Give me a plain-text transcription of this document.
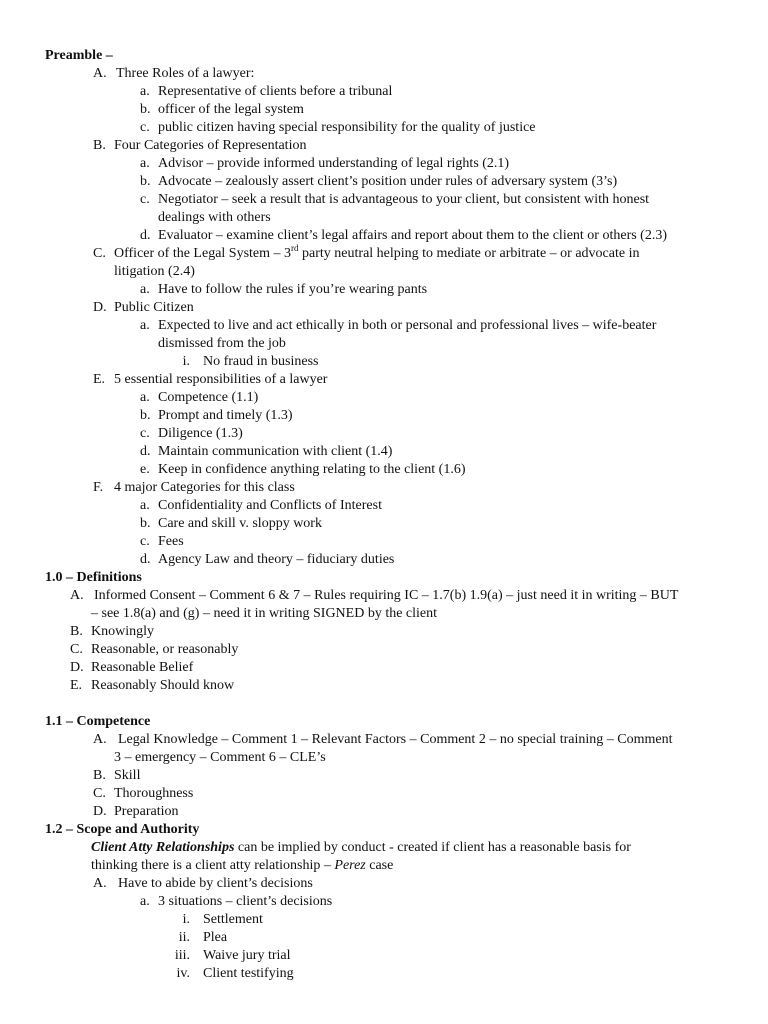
Preamble –
A. Three Roles of a lawyer:
a. Representative of clients before a tribunal
b. officer of the legal system
c. public citizen having special responsibility for the quality of justice
B. Four Categories of Representation
a. Advisor – provide informed understanding of legal rights (2.1)
b. Advocate – zealously assert client’s position under rules of adversary system (3’s)
c. Negotiator – seek a result that is advantageous to your client, but consistent with honest
dealings with others
d. Evaluator – examine client’s legal affairs and report about them to the client or others (2.3)
C. Officer of the Legal System – 3rd party neutral helping to mediate or arbitrate – or advocate in
litigation (2.4)
a. Have to follow the rules if you’re wearing pants
D. Public Citizen
a. Expected to live and act ethically in both or personal and professional lives – wife-beater
dismissed from the job
i. No fraud in business
E. 5 essential responsibilities of a lawyer
a. Competence (1.1)
b. Prompt and timely (1.3)
c. Diligence (1.3)
d. Maintain communication with client (1.4)
e. Keep in confidence anything relating to the client (1.6)
F. 4 major Categories for this class
a. Confidentiality and Conflicts of Interest
b. Care and skill v. sloppy work
c. Fees
d. Agency Law and theory – fiduciary duties
1.0 – Definitions
A. Informed Consent – Comment 6 & 7 – Rules requiring IC – 1.7(b) 1.9(a) – just need it in writing – BUT
– see 1.8(a) and (g) – need it in writing SIGNED by the client
B. Knowingly
C. Reasonable, or reasonably
D. Reasonable Belief
E. Reasonably Should know
1.1 – Competence
A. Legal Knowledge – Comment 1 – Relevant Factors – Comment 2 – no special training – Comment
3 – emergency – Comment 6 – CLE’s
B. Skill
C. Thoroughness
D. Preparation
1.2 – Scope and Authority
Client Atty Relationships can be implied by conduct - created if client has a reasonable basis for
thinking there is a client atty relationship – Perez case
A. Have to abide by client’s decisions
a. 3 situations – client’s decisions
i. Settlement
ii. Plea
iii. Waive jury trial
iv. Client testifying
